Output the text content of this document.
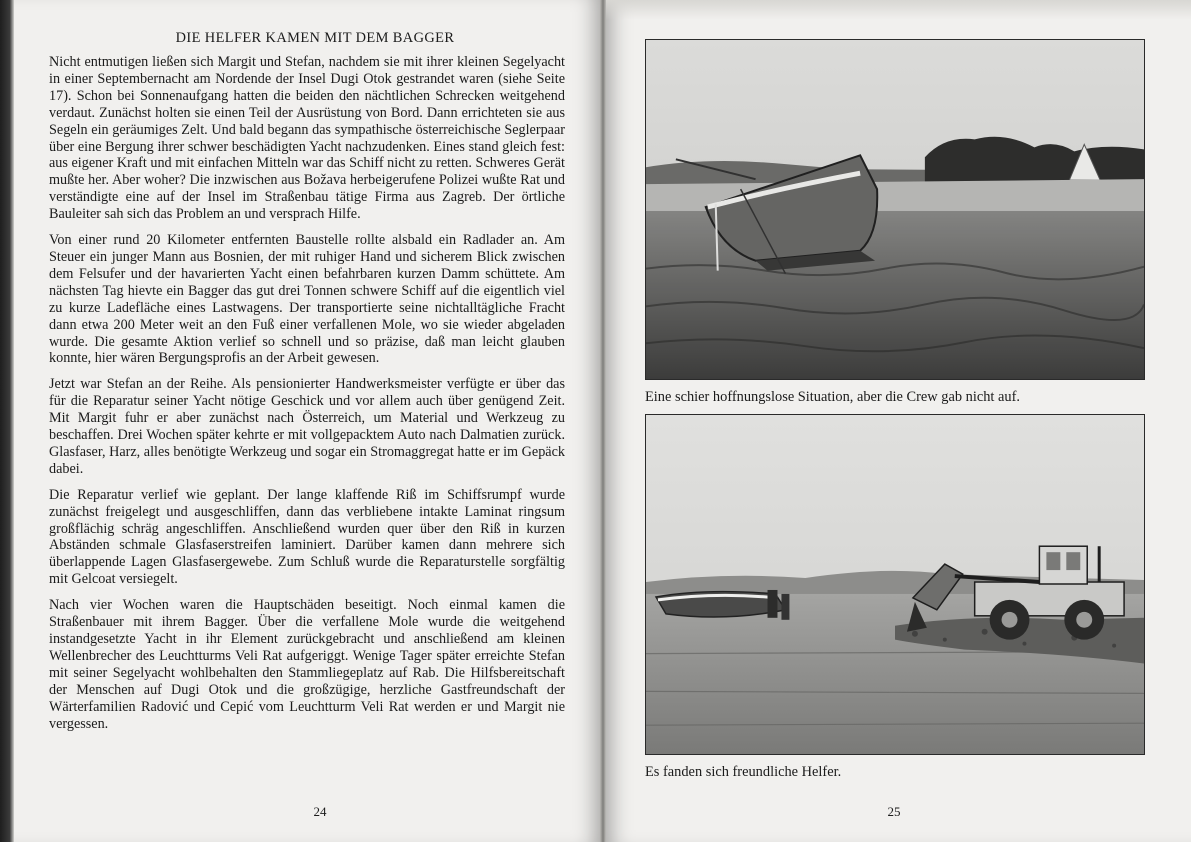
DIE HELFER KAMEN MIT DEM BAGGER

Nicht entmutigen ließen sich Margit und Stefan, nachdem sie mit ihrer kleinen Segelyacht in einer Septembernacht am Nordende der Insel Dugi Otok gestrandet waren (siehe Seite 17). Schon bei Sonnenaufgang hatten die beiden den nächtlichen Schrecken weitgehend verdaut. Zunächst holten sie einen Teil der Ausrüstung von Bord. Dann errichteten sie aus Segeln ein geräumiges Zelt. Und bald begann das sympathische österreichische Seglerpaar über eine Bergung ihrer schwer beschädigten Yacht nachzudenken. Eines stand gleich fest: aus eigener Kraft und mit einfachen Mitteln war das Schiff nicht zu retten. Schweres Gerät mußte her. Aber woher? Die inzwischen aus Božava herbeigerufene Polizei wußte Rat und verständigte eine auf der Insel im Straßenbau tätige Firma aus Zagreb. Der örtliche Bauleiter sah sich das Problem an und versprach Hilfe.

Von einer rund 20 Kilometer entfernten Baustelle rollte alsbald ein Radlader an. Am Steuer ein junger Mann aus Bosnien, der mit ruhiger Hand und sicherem Blick zwischen dem Felsufer und der havarierten Yacht einen befahrbaren kurzen Damm schüttete. Am nächsten Tag hievte ein Bagger das gut drei Tonnen schwere Schiff auf die eigentlich viel zu kurze Ladefläche eines Lastwagens. Der transportierte seine nichtalltägliche Fracht dann etwa 200 Meter weit an den Fuß einer verfallenen Mole, wo sie wieder abgeladen wurde. Die gesamte Aktion verlief so schnell und so präzise, daß man leicht glauben konnte, hier wären Bergungsprofis an der Arbeit gewesen.

Jetzt war Stefan an der Reihe. Als pensionierter Handwerksmeister verfügte er über das für die Reparatur seiner Yacht nötige Geschick und vor allem auch über genügend Zeit. Mit Margit fuhr er aber zunächst nach Österreich, um Material und Werkzeug zu beschaffen. Drei Wochen später kehrte er mit vollgepacktem Auto nach Dalmatien zurück. Glasfaser, Harz, alles benötigte Werkzeug und sogar ein Stromaggregat hatte er im Gepäck dabei.

Die Reparatur verlief wie geplant. Der lange klaffende Riß im Schiffsrumpf wurde zunächst freigelegt und ausgeschliffen, dann das verbliebene intakte Laminat ringsum großflächig schräg angeschliffen. Anschließend wurden quer über den Riß in kurzen Abständen schmale Glasfaserstreifen laminiert. Darüber kamen dann mehrere sich überlappende Lagen Glasfasergewebe. Zum Schluß wurde die Reparaturstelle sorgfältig mit Gelcoat versiegelt.

Nach vier Wochen waren die Hauptschäden beseitigt. Noch einmal kamen die Straßenbauer mit ihrem Bagger. Über die verfallene Mole wurde die weitgehend instandgesetzte Yacht in ihr Element zurückgebracht und anschließend am kleinen Wellenbrecher des Leuchtturms Veli Rat aufgeriggt. Wenige Tager später erreichte Stefan mit seiner Segelyacht wohlbehalten den Stammliegeplatz auf Rab. Die Hilfsbereitschaft der Menschen auf Dugi Otok und die großzügige, herzliche Gastfreundschaft der Wärterfamilien Radović und Cepić vom Leuchtturm Veli Rat werden er und Margit nie vergessen.

24
Eine schier hoffnungslose Situation, aber die Crew gab nicht auf.
Es fanden sich freundliche Helfer.
25
